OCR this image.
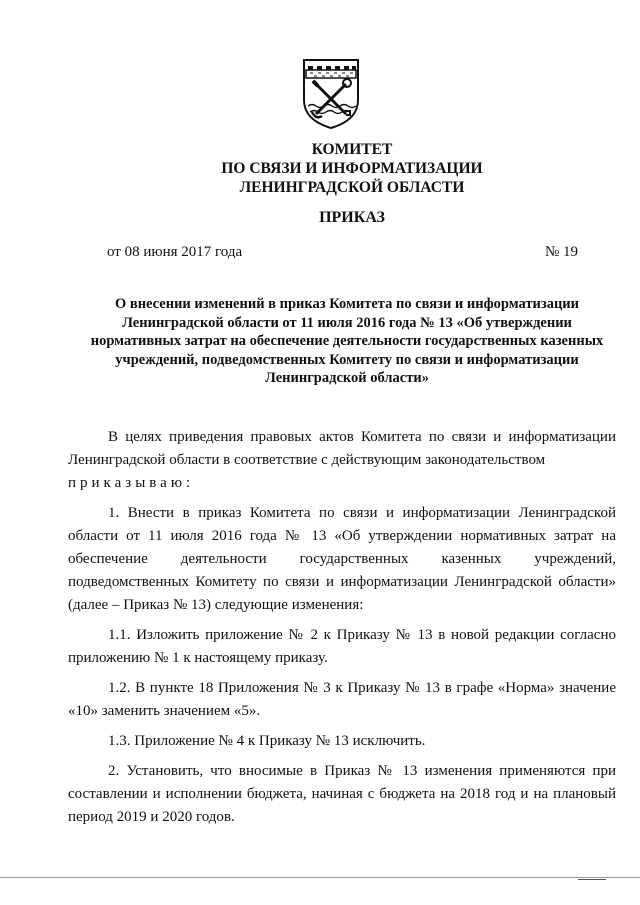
КОМИТЕТ
ПО СВЯЗИ И ИНФОРМАТИЗАЦИИ
ЛЕНИНГРАДСКОЙ ОБЛАСТИ
ПРИКАЗ
от 08 июня 2017 года	№ 19
О внесении изменений в приказ Комитета по связи и информатизации
Ленинградской области от 11 июля 2016 года № 13 «Об утверждении
нормативных затрат на обеспечение деятельности государственных казенных
учреждений, подведомственных Комитету по связи и информатизации
Ленинградской области»

В целях приведения правовых актов Комитета по связи и информатизации Ленинградской области в соответствие с действующим законодательством

приказываю:

1. Внести в приказ Комитета по связи и информатизации Ленинградской области от 11 июля 2016 года № 13 «Об утверждении нормативных затрат на обеспечение деятельности государственных казенных учреждений, подведомственных Комитету по связи и информатизации Ленинградской области» (далее – Приказ № 13) следующие изменения:

1.1. Изложить приложение № 2 к Приказу № 13 в новой редакции согласно приложению № 1 к настоящему приказу.

1.2. В пункте 18 Приложения № 3 к Приказу № 13 в графе «Норма» значение «10» заменить значением «5».

1.3. Приложение № 4 к Приказу № 13 исключить.

2. Установить, что вносимые в Приказ № 13 изменения применяются при составлении и исполнении бюджета, начиная с бюджета на 2018 год и на плановый период 2019 и 2020 годов.
